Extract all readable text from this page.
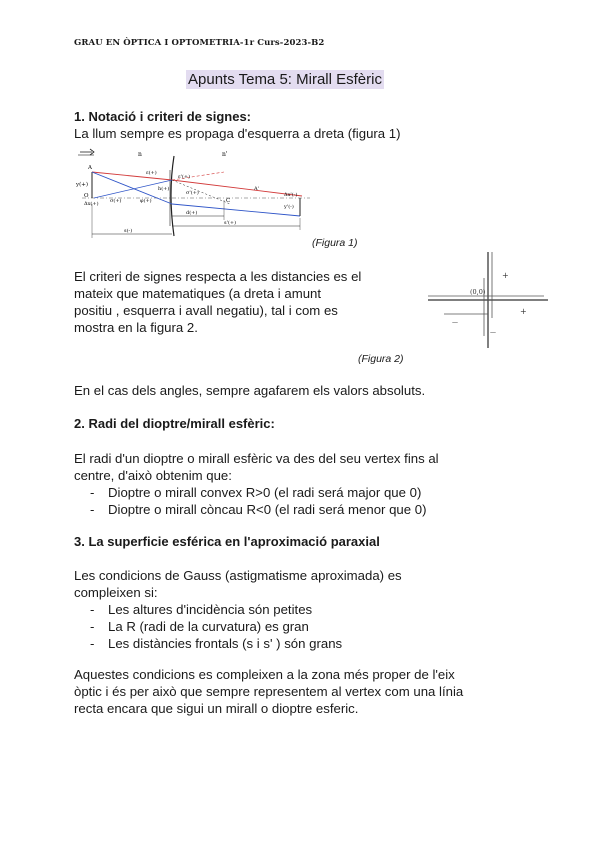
GRAU EN ÒPTICA I OPTOMETRIA-1r Curs-2023-B2
Apunts Tema 5: Mirall Esfèric
1. Notació i criteri de signes:
La llum sempre es propaga d'esquerra a dreta (figura 1)
n	n'
y(+)
A
O
Δx(+) σ(+)
ε(+)
h(+)
φ(+)
ε'(+)
σ'(+)
C
A'
Δx'(-)
y'(-)
d(+)
s'(+)
s(-)
(Figura 1)
El criteri de signes respecta a les distancies es el
mateix que matematiques (a dreta i amunt
positiu , esquerra i avall negatiu), tal i com es
mostra en la figura 2.
(0,0)
+
+
—
—
(Figura 2)
En el cas dels angles, sempre agafarem els valors absoluts.
2. Radi del dioptre/mirall esfèric:
El radi d'un dioptre o mirall esfèric va des del seu vertex fins al
centre, d'això obtenim que:
- Dioptre o mirall convex R>0 (el radi será major que 0)
- Dioptre o mirall còncau R<0 (el radi será menor que 0)
3. La superficie esférica en l'aproximació paraxial
Les condicions de Gauss (astigmatisme aproximada) es
compleixen si:
- Les altures d'incidència són petites
- La R (radi de la curvatura) es gran
- Les distàncies frontals (s i s' ) són grans
Aquestes condicions es compleixen a la zona més proper de l'eix
òptic i és per això que sempre representem al vertex com una línia
recta encara que sigui un mirall o dioptre esferic.
